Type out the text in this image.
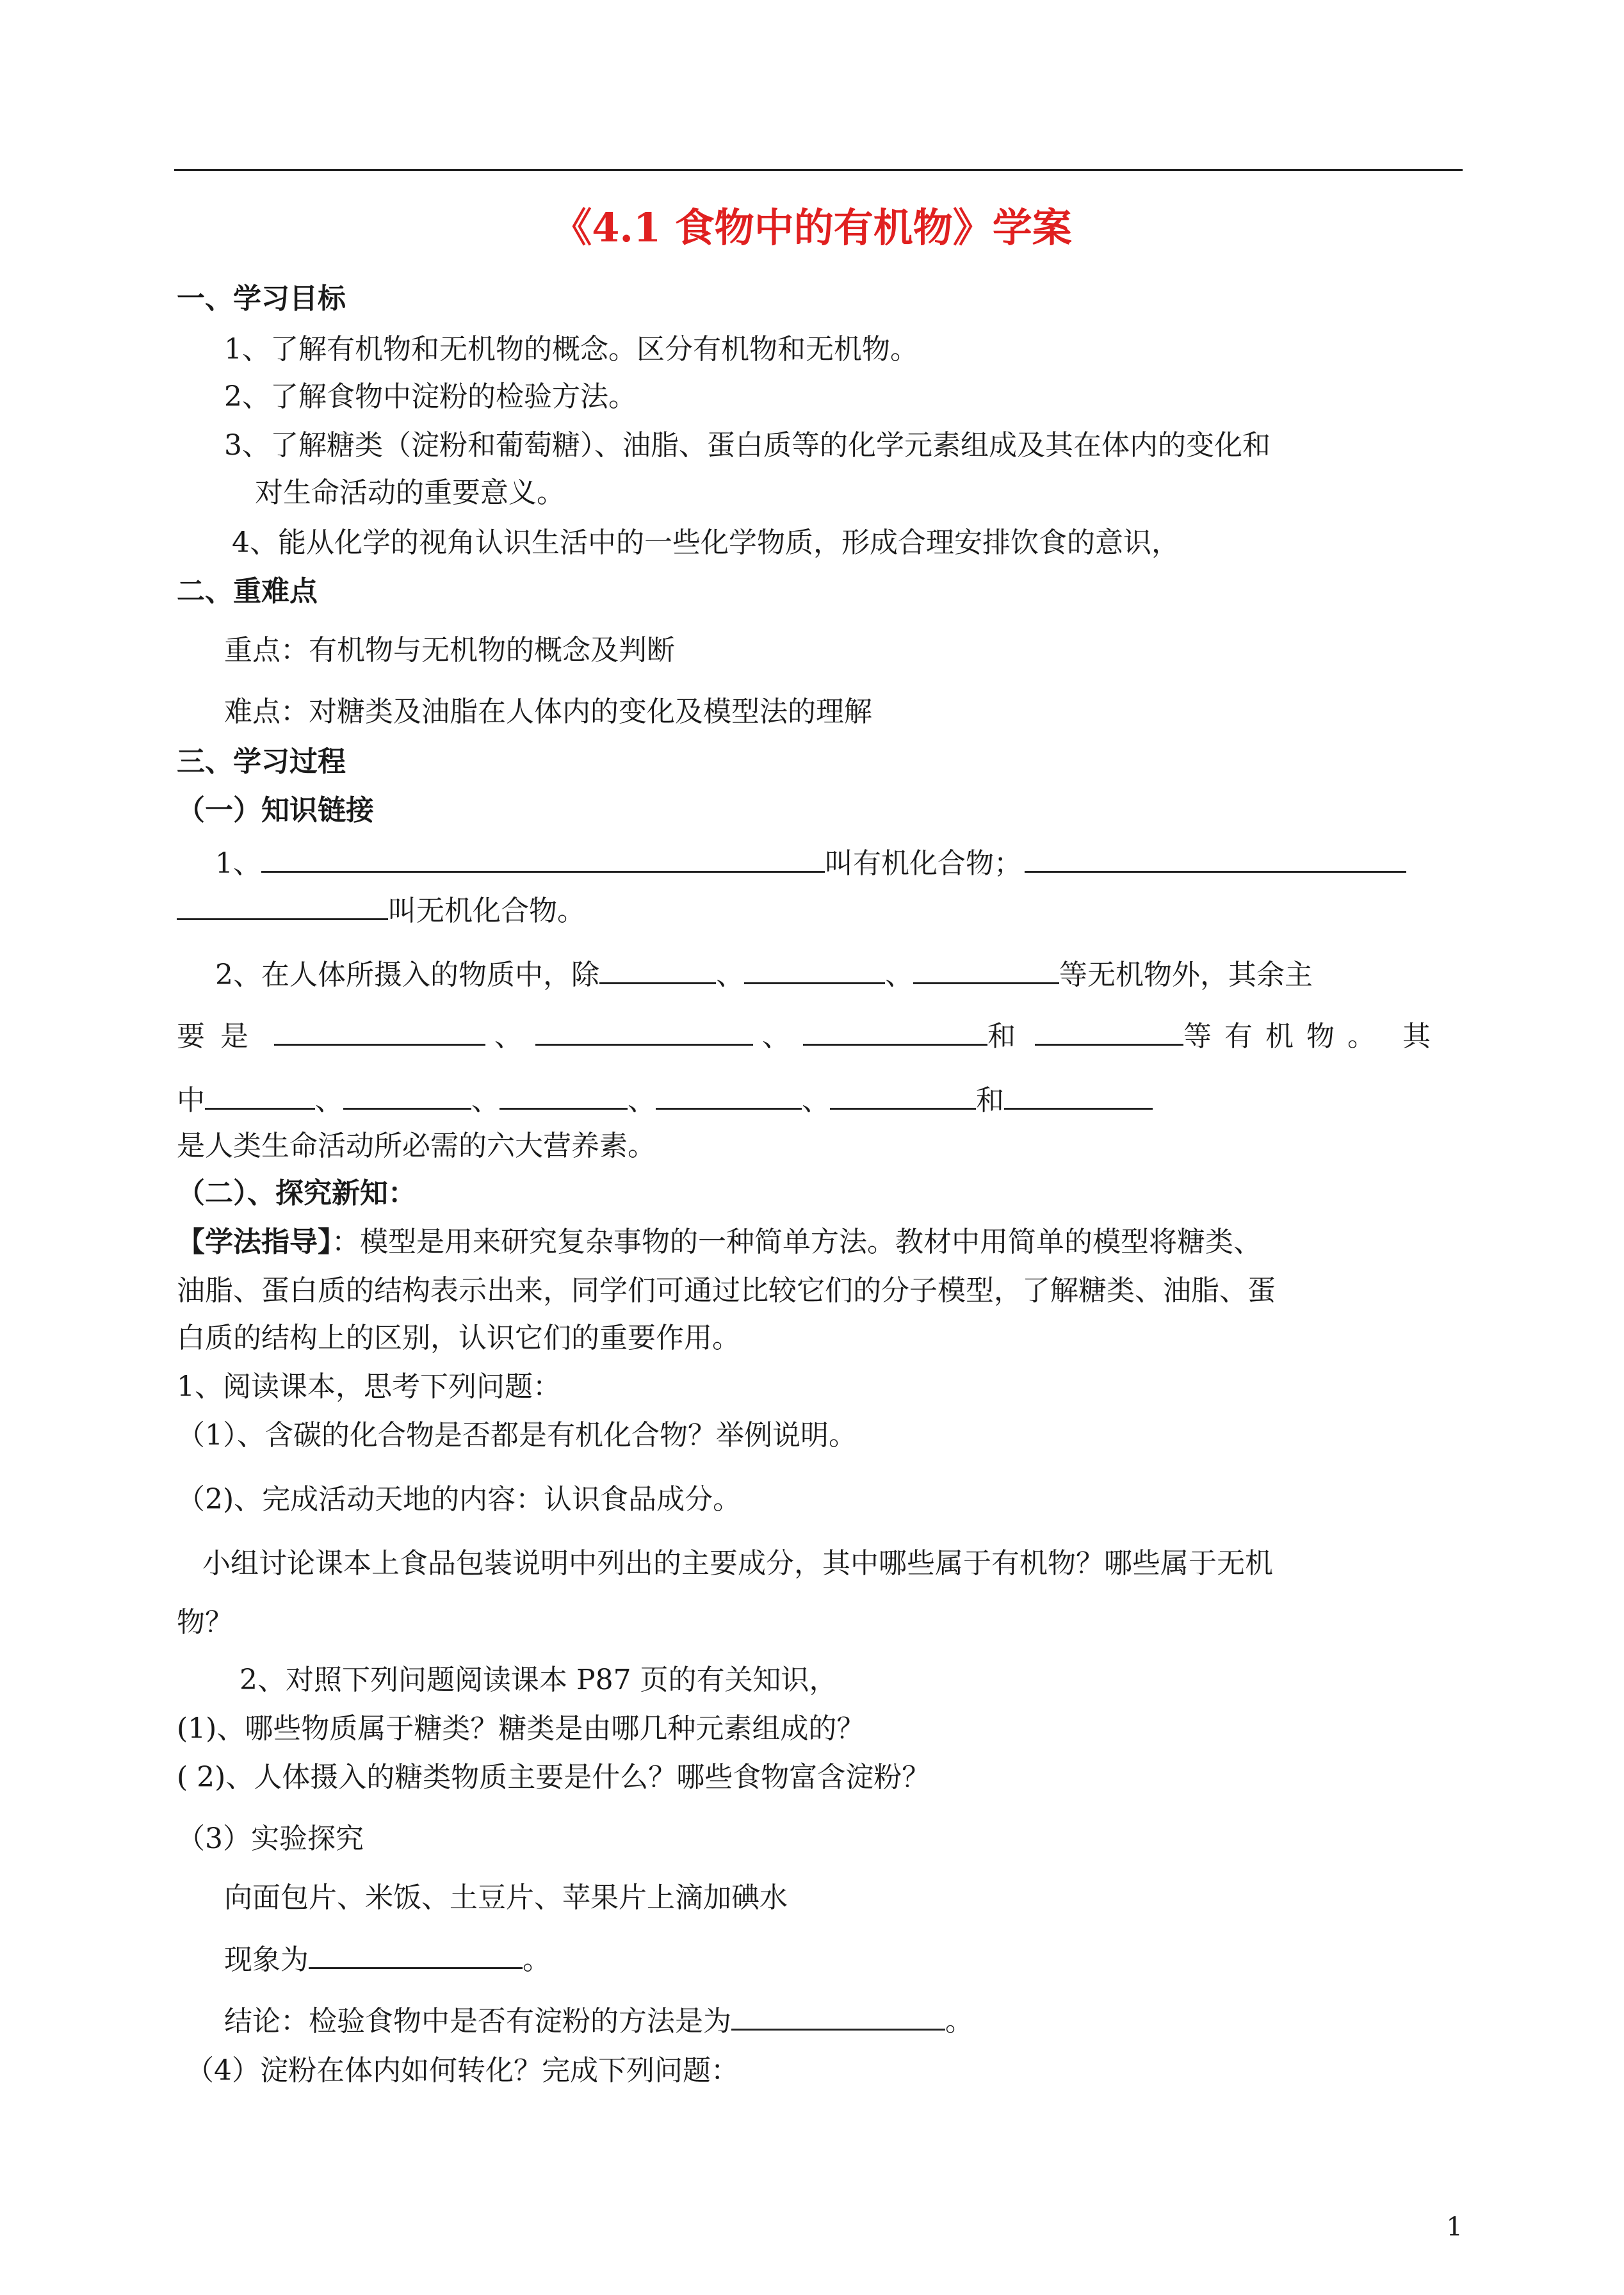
《4.1 食物中的有机物》学案
一、学习目标
1、了解有机物和无机物的概念。区分有机物和无机物。
2、了解食物中淀粉的检验方法。
3、了解糖类（淀粉和葡萄糖）、油脂、蛋白质等的化学元素组成及其在体内的变化和
对生命活动的重要意义。
4、能从化学的视角认识生活中的一些化学物质，形成合理安排饮食的意识，
二、重难点
重点：有机物与无机物的概念及判断
难点：对糖类及油脂在人体内的变化及模型法的理解
三、学习过程
（一）知识链接
1、	叫有机化合物；
叫无机化合物。
2、在人体所摄入的物质中，除	、	、	等无机物外，其余主
要 是	、	、	和	等 有 机 物 。 其
中	、	、	、	、	和
是人类生命活动所必需的六大营养素。
（二）、探究新知：
【学法指导】：模型是用来研究复杂事物的一种简单方法。教材中用简单的模型将糖类、
油脂、蛋白质的结构表示出来，同学们可通过比较它们的分子模型，了解糖类、油脂、蛋
白质的结构上的区别，认识它们的重要作用。
1、阅读课本，思考下列问题：
（1）、含碳的化合物是否都是有机化合物？举例说明。
（2)、完成活动天地的内容：认识食品成分。
小组讨论课本上食品包装说明中列出的主要成分，其中哪些属于有机物？哪些属于无机
物？
2、对照下列问题阅读课本 P87 页的有关知识，
(1)、哪些物质属于糖类？糖类是由哪几种元素组成的？
( 2)、人体摄入的糖类物质主要是什么？哪些食物富含淀粉？
（3）实验探究
向面包片、米饭、土豆片、苹果片上滴加碘水
现象为	。
结论：检验食物中是否有淀粉的方法是为	。
（4）淀粉在体内如何转化？完成下列问题：
1
